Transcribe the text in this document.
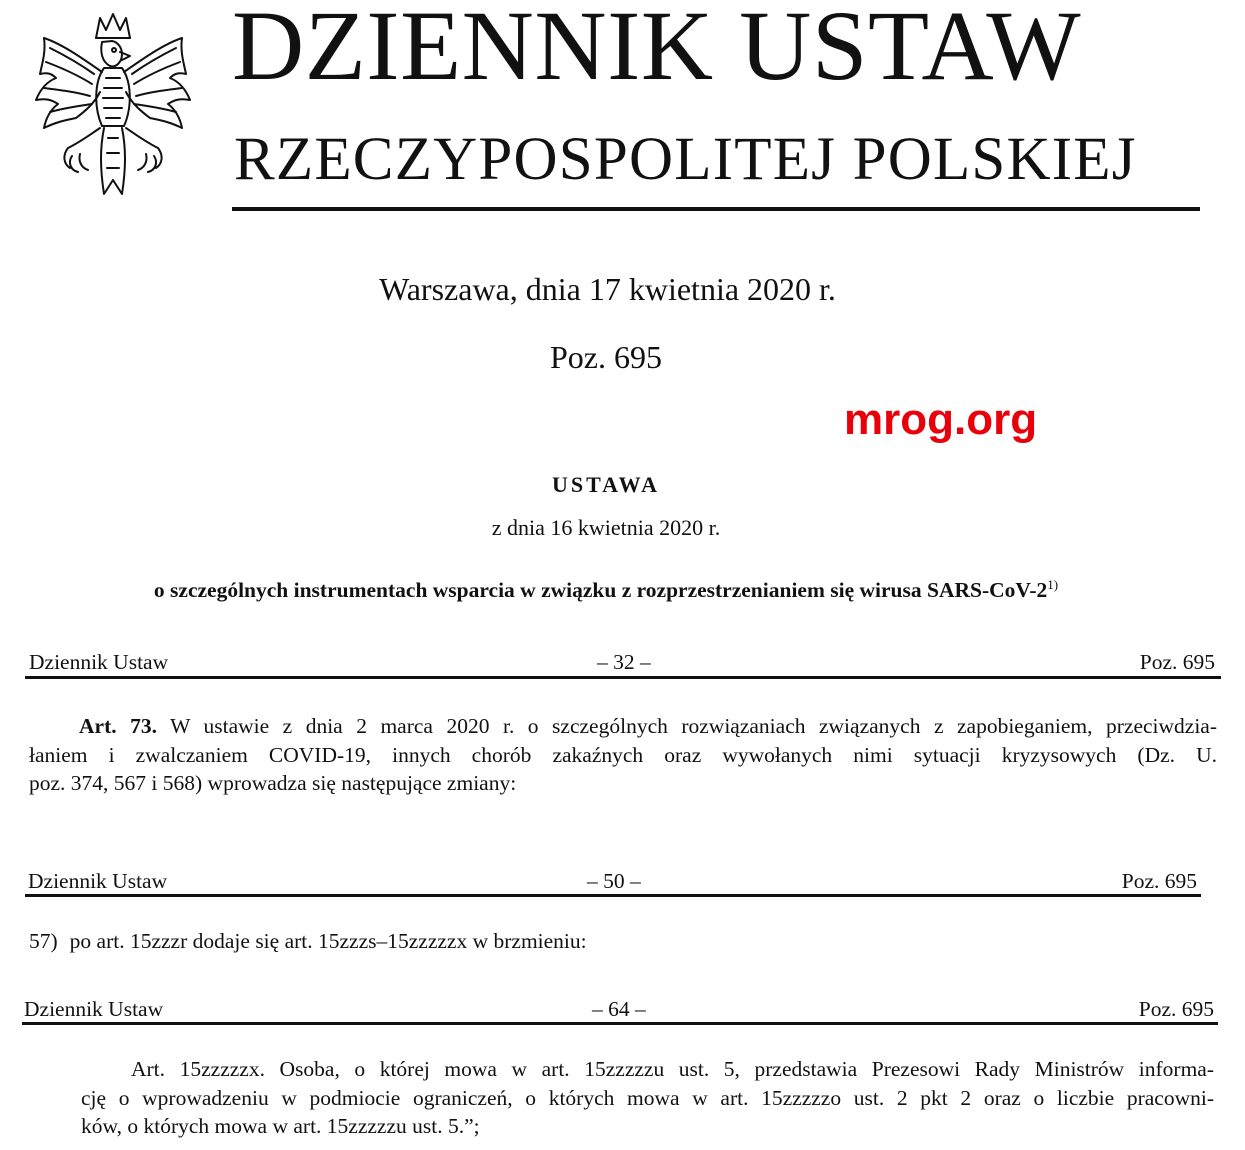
DZIENNIK USTAW
RZECZYPOSPOLITEJ POLSKIEJ
Warszawa, dnia 17 kwietnia 2020 r.
Poz. 695
mrog.org
USTAWA
z dnia 16 kwietnia 2020 r.
o szczególnych instrumentach wsparcia w związku z rozprzestrzenianiem się wirusa SARS-CoV-2$^{1)}$
Dziennik Ustaw	– 32 –	Poz. 695
Art. 73. W ustawie z dnia 2 marca 2020 r. o szczególnych rozwiązaniach związanych z zapobieganiem, przeciwdzia-
łaniem i zwalczaniem COVID-19, innych chorób zakaźnych oraz wywołanych nimi sytuacji kryzysowych (Dz. U.
poz. 374, 567 i 568) wprowadza się następujące zmiany:
Dziennik Ustaw	– 50 –	Poz. 695
57) po art. 15zzzr dodaje się art. 15zzzs–15zzzzzx w brzmieniu:
Dziennik Ustaw	– 64 –	Poz. 695
Art. 15zzzzzx. Osoba, o której mowa w art. 15zzzzzu ust. 5, przedstawia Prezesowi Rady Ministrów informa-
cję o wprowadzeniu w podmiocie ograniczeń, o których mowa w art. 15zzzzzo ust. 2 pkt 2 oraz o liczbie pracowni-
ków, o których mowa w art. 15zzzzzu ust. 5.”;
